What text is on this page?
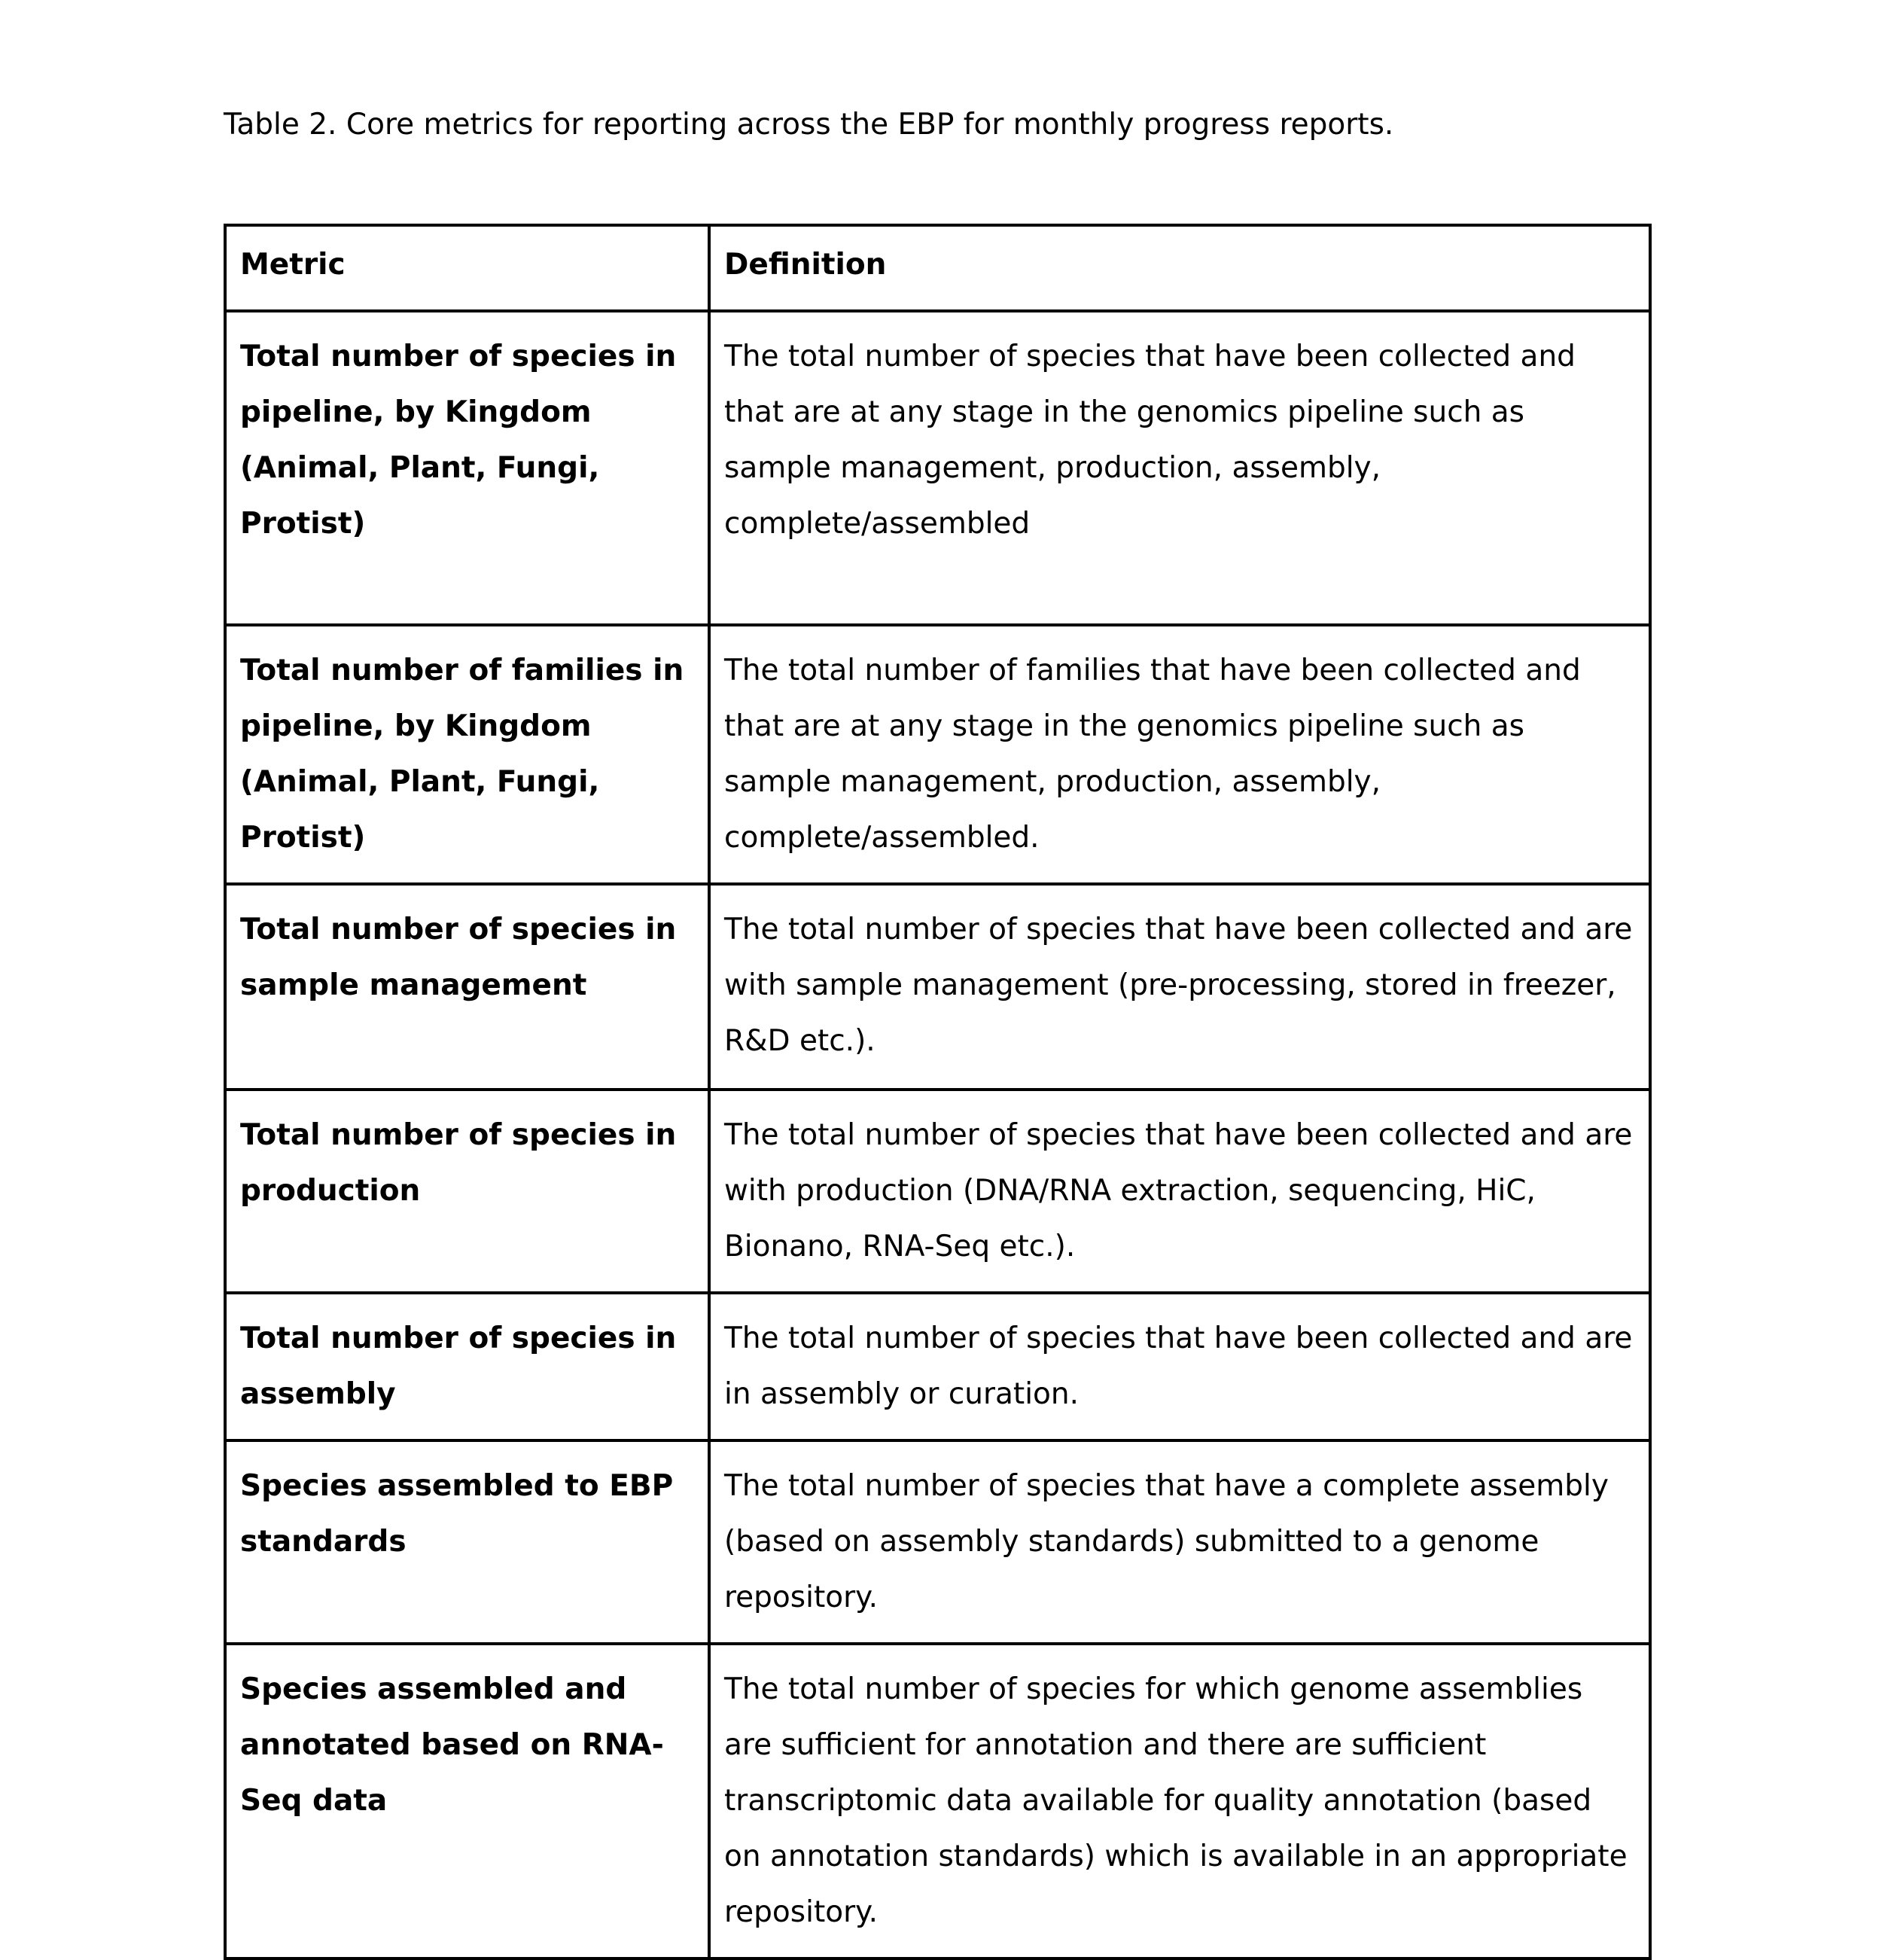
Table 2. Core metrics for reporting across the EBP for monthly progress reports.
Metric	Definition
Total number of species in pipeline, by Kingdom (Animal, Plant, Fungi, Protist)	The total number of species that have been collected and that are at any stage in the genomics pipeline such as sample management, production, assembly, complete/assembled
Total number of families in pipeline, by Kingdom (Animal, Plant, Fungi, Protist)	The total number of families that have been collected and that are at any stage in the genomics pipeline such as sample management, production, assembly, complete/assembled.
Total number of species in sample management	The total number of species that have been collected and are with sample management (pre-processing, stored in freezer, R&D etc.).
Total number of species in production	The total number of species that have been collected and are with production (DNA/RNA extraction, sequencing, HiC, Bionano, RNA-Seq etc.).
Total number of species in assembly	The total number of species that have been collected and are in assembly or curation.
Species assembled to EBP standards	The total number of species that have a complete assembly (based on assembly standards) submitted to a genome repository.
Species assembled and annotated based on RNA-Seq data	The total number of species for which genome assemblies are sufficient for annotation and there are sufficient transcriptomic data available for quality annotation (based on annotation standards) which is available in an appropriate repository.
